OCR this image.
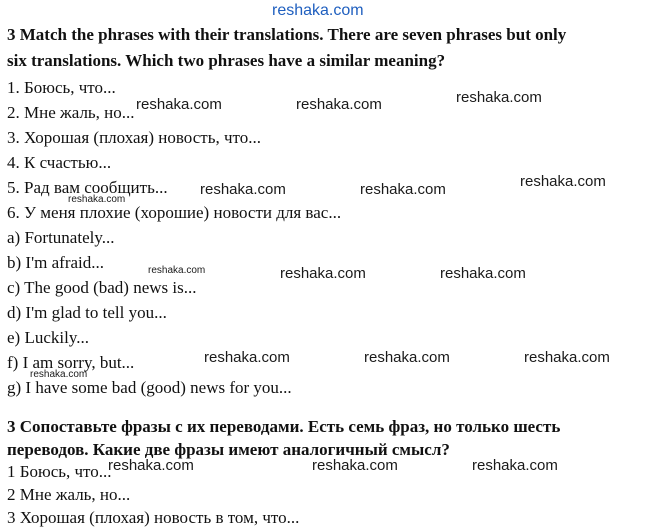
reshaka.com
3 Match the phrases with their translations. There are seven phrases but only
six translations. Which two phrases have a similar meaning?
1. Боюсь, что...
2. Мне жаль, но...
3. Хорошая (плохая) новость, что...
4. К счастью...
5. Рад вам сообщить...
6. У меня плохие (хорошие) новости для вас...
a) Fortunately...
b) I'm afraid...
c) The good (bad) news is...
d) I'm glad to tell you...
e) Luckily...
f) I am sorry, but...
g) I have some bad (good) news for you...
3 Сопоставьте фразы с их переводами. Есть семь фраз, но только шесть
переводов. Какие две фразы имеют аналогичный смысл?
1 Боюсь, что...
2 Мне жаль, но...
3 Хорошая (плохая) новость в том, что...
reshaka.com	reshaka.com	reshaka.com
reshaka.com	reshaka.com	reshaka.com
reshaka.com
reshaka.com	reshaka.com	reshaka.com
reshaka.com	reshaka.com	reshaka.com
reshaka.com
reshaka.com	reshaka.com	reshaka.com
